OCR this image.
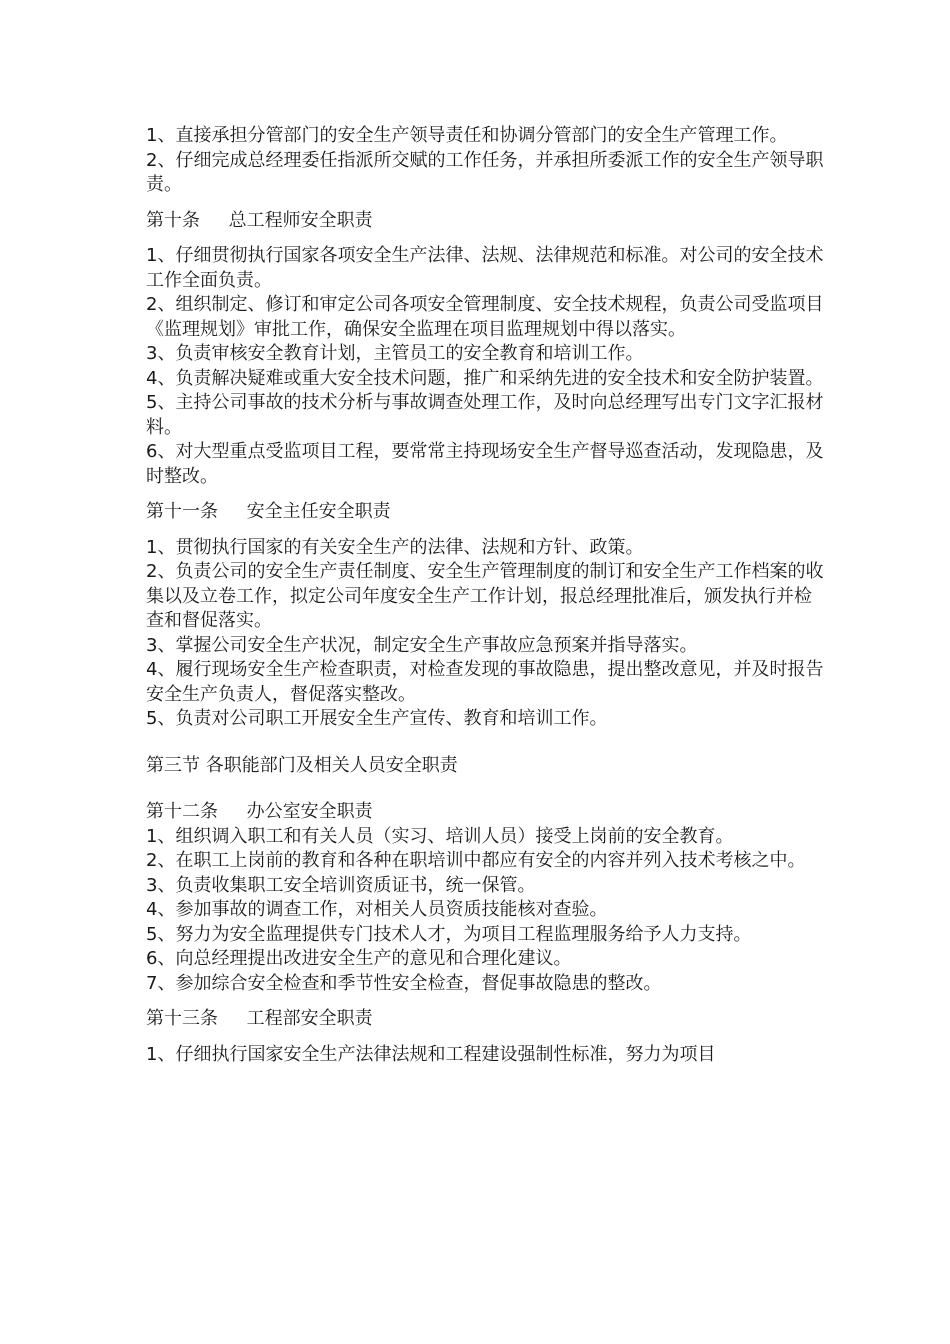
1、直接承担分管部门的安全生产领导责任和协调分管部门的安全生产管理工作。

2、仔细完成总经理委任指派所交赋的工作任务，并承担所委派工作的安全生产领导职责。

第十条     总工程师安全职责

1、仔细贯彻执行国家各项安全生产法律、法规、法律规范和标准。对公司的安全技术工作全面负责。

2、组织制定、修订和审定公司各项安全管理制度、安全技术规程，负责公司受监项目《监理规划》审批工作，确保安全监理在项目监理规划中得以落实。

3、负责审核安全教育计划，主管员工的安全教育和培训工作。

4、负责解决疑难或重大安全技术问题，推广和采纳先进的安全技术和安全防护装置。

5、主持公司事故的技术分析与事故调查处理工作，及时向总经理写出专门文字汇报材料。

6、对大型重点受监项目工程，要常常主持现场安全生产督导巡查活动，发现隐患，及时整改。

第十一条     安全主任安全职责

1、贯彻执行国家的有关安全生产的法律、法规和方针、政策。

2、负责公司的安全生产责任制度、安全生产管理制度的制订和安全生产工作档案的收集以及立卷工作，拟定公司年度安全生产工作计划，报总经理批准后，颁发执行并检查和督促落实。

3、掌握公司安全生产状况，制定安全生产事故应急预案并指导落实。

4、履行现场安全生产检查职责，对检查发现的事故隐患，提出整改意见，并及时报告安全生产负责人，督促落实整改。

5、负责对公司职工开展安全生产宣传、教育和培训工作。

第三节 各职能部门及相关人员安全职责

第十二条     办公室安全职责

1、组织调入职工和有关人员（实习、培训人员）接受上岗前的安全教育。

2、在职工上岗前的教育和各种在职培训中都应有安全的内容并列入技术考核之中。

3、负责收集职工安全培训资质证书，统一保管。

4、参加事故的调查工作，对相关人员资质技能核对查验。

5、努力为安全监理提供专门技术人才，为项目工程监理服务给予人力支持。

6、向总经理提出改进安全生产的意见和合理化建议。

7、参加综合安全检查和季节性安全检查，督促事故隐患的整改。

第十三条     工程部安全职责

1、仔细执行国家安全生产法律法规和工程建设强制性标准，努力为项目
